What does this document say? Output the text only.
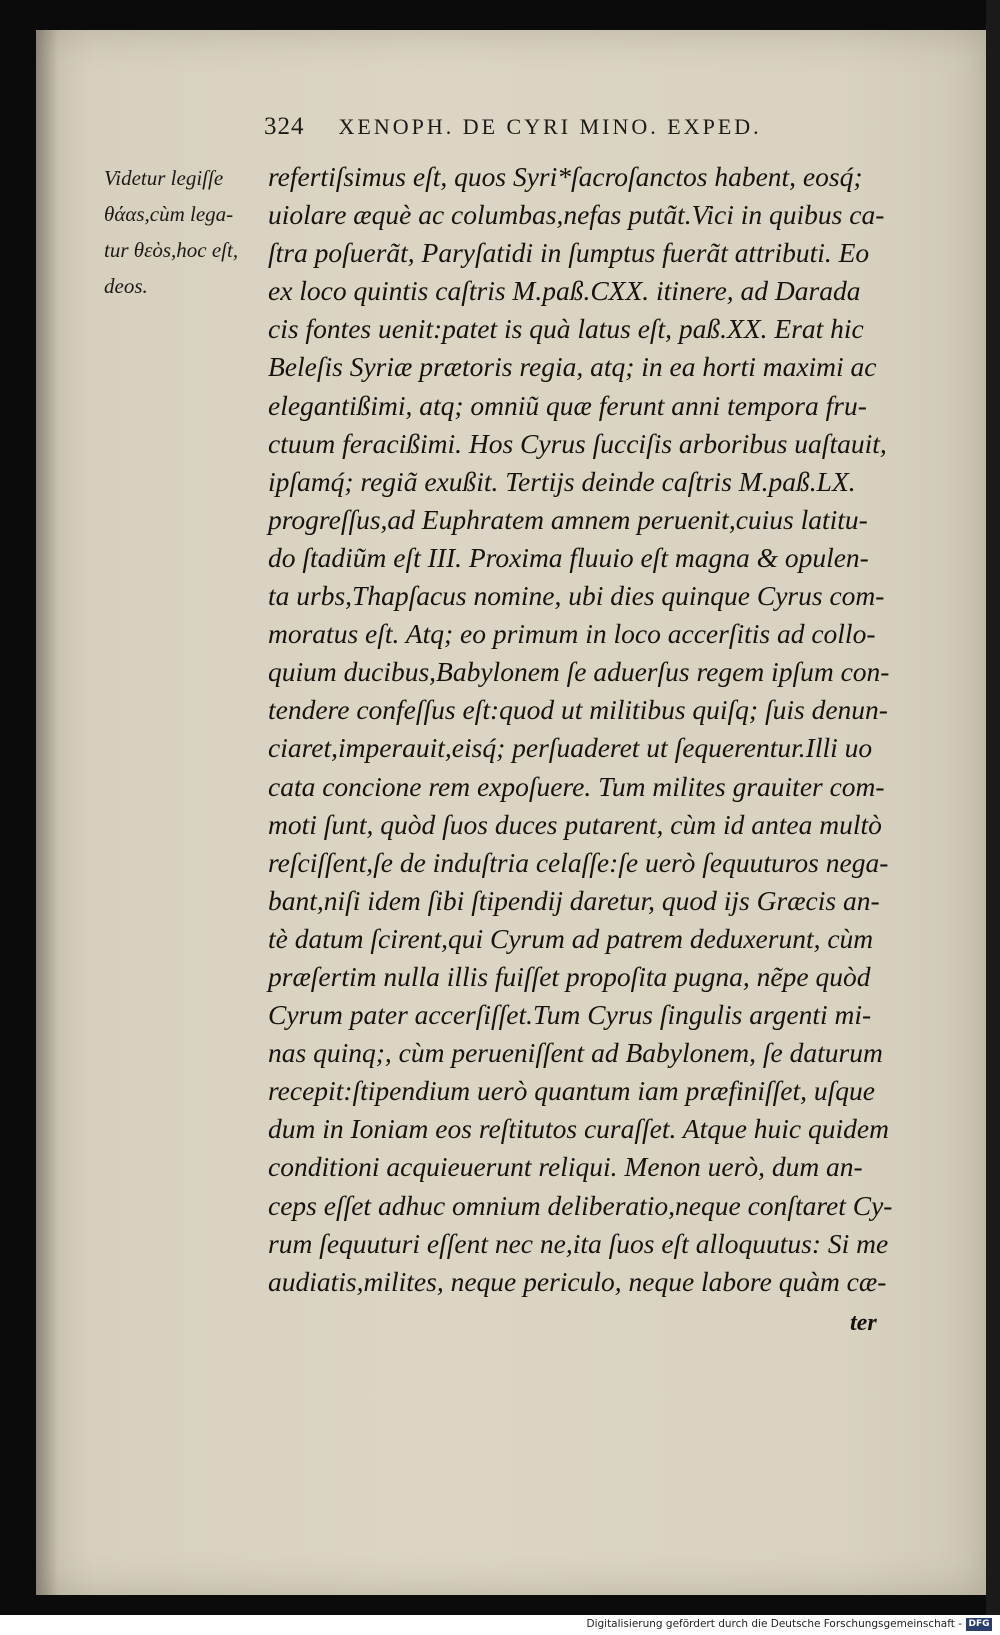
324 XENOPH. DE CYRI MINO. EXPED.
Videtur legiſſe
θάαs,cùm lega-
tur θεὸs,hoc eſt,
deos.
refertiſsimus eſt, quos Syri*ſacroſanctos habent, eosq́;
uiolare æquè ac columbas,nefas putãt.Vici in quibus ca-
ſtra poſuerãt, Paryſatidi in ſumptus fuerãt attributi. Eo
ex loco quintis caſtris M.paß.CXX. itinere, ad Darada
cis fontes uenit:patet is quà latus eſt, paß.XX. Erat hic
Beleſis Syriæ prætoris regia, atq; in ea horti maximi ac
elegantißimi, atq; omniũ quæ ferunt anni tempora fru-
ctuum feracißimi. Hos Cyrus ſucciſis arboribus uaſtauit,
ipſamq́; regiã exußit. Tertiјs deinde caſtris M.paß.LX.
progreſſus,ad Euphratem amnem peruenit,cuius latitu-
do ſtadiũm eſt III. Proxima fluuio eſt magna & opulen-
ta urbs,Thapſacus nomine, ubi dies quinque Cyrus com-
moratus eſt. Atq; eo primum in loco accerſitis ad collo-
quium ducibus,Babylonem ſe aduerſus regem ipſum con-
tendere confeſſus eſt:quod ut militibus quiſq; ſuis denun-
ciaret,imperauit,eisq́; perſuaderet ut ſequerentur.Illi uo
cata concione rem expoſuere. Tum milites grauiter com-
moti ſunt, quòd ſuos duces putarent, cùm id antea multò
reſciſſent,ſe de induſtria celaſſe:ſe uerò ſequuturos nega-
bant,niſi idem ſibi ſtipendiј daretur, quod ijs Græcis an-
tè datum ſcirent,qui Cyrum ad patrem deduxerunt, cùm
præſertim nulla illis fuiſſet propoſita pugna, nẽpe quòd
Cyrum pater accerſiſſet.Tum Cyrus ſingulis argenti mi-
nas quinq;, cùm perueniſſent ad Babylonem, ſe daturum
recepit:ſtipendium uerò quantum iam præfiniſſet, uſque
dum in Ioniam eos reſtitutos curaſſet. Atque huic quidem
conditioni acquieuerunt reliqui. Menon uerò, dum an-
ceps eſſet adhuc omnium deliberatio,neque conſtaret Cy-
rum ſequuturi eſſent nec ne,ita ſuos eſt alloquutus: Si me
audiatis,milites, neque periculo, neque labore quàm cæ-
ter
Digitalisierung gefördert durch die Deutsche Forschungsgemeinschaft - DFG
